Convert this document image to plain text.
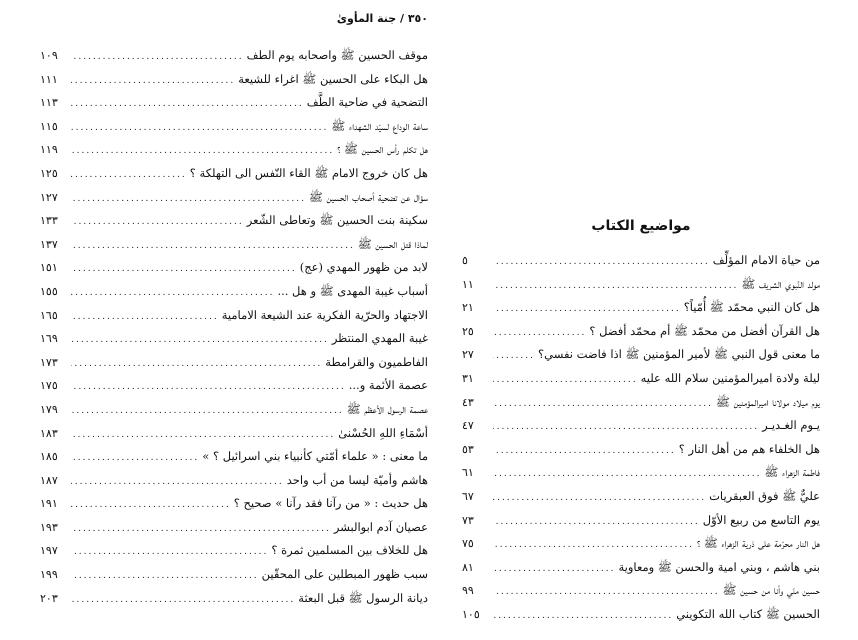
٣٥٠ / جنة المأوىٰ
موقف الحسين ﷺ واصحابه يوم الطف
.....
١٠٩
هل البكاء على الحسين ﷺ اغراء للشيعة
.....
١١١
التضحية في ضاحية الطَّف
.....
١١٣
ساعة الوداع لسيّد الشهداء ﷺ
.....
١١٥
هل تكلم رأس الحسين ﷺ ؟
.....
١١٩
هل كان خروج الامام ﷺ القاء النّفس الى التهلكة ؟
.....
١٢٥
سؤال عن تضحية أصحاب الحسين ﷺ
.....
١٢٧
سكينة بنت الحسين ﷺ وتعاطى الشّعر
.....
١٣٣
لماذا قتل الحسين ﷺ
.....
١٣٧
لابد من ظهور المهدي (عج)
.....
١٥١
أسباب غيبة المهدى ﷺ و هل ...
.....
١٥٥
الاجتهاد والحرّية الفكرية عند الشيعة الامامية
.....
١٦٥
غيبة المهدي المنتظر
.....
١٦٩
الفاطميون والقرامطة
.....
١٧٣
عصمة الأئمة و...
.....
١٧٥
عصمة الرسول الأعظم ﷺ
.....
١٧٩
أسْمَاءِ اللهِ الحُسْنىٰ
.....
١٨٣
ما معنى : « علماء أمّتي كأنبياء بني اسرائيل ؟ »
.....
١٨٥
هاشم وأميّة ليسا من أب واحد
.....
١٨٧
هل حديث : « من رآنا فقد رآنا » صحيح ؟
.....
١٩١
عصيان آدم ابوالبشر
.....
١٩٣
هل للخلاف بين المسلمين ثمرة ؟
.....
١٩٧
سبب ظهور المبطلين على المحقّين
.....
١٩٩
ديانة الرسول ﷺ قبل البعثة
.....
٢٠٣
مواضيع الكتاب
من حياة الامام المؤلِّف
.....
٥
مولد النَّبوي الشريف ﷺ
.....
١١
هل كان النبي محمّد ﷺ أُمّياً؟
.....
٢١
هل القرآن أفضل من محمّد ﷺ أم محمّد أفضل ؟
.....
٢٥
ما معنى قول النبي ﷺ لأمير المؤمنين ﷺ اذا فاضت نفسي؟
.....
٢٧
ليلة ولادة اميرالمؤمنين سلام الله عليه
.....
٣١
يوم ميلاد مولانا اميرالمؤمنين ﷺ
.....
٤٣
يـوم الغـديـر
.....
٤٧
هل الخلفاء هم من أهل النار ؟
.....
٥٣
فاطمة الزهراء ﷺ
.....
٦١
عليٌّ ﷺ فوق العبقريات
.....
٦٧
يوم التاسع من ربيع الأوّل
.....
٧٣
هل النار محرّمة على ذرية الزهراء ﷺ ؟
.....
٧٥
بني هاشم ، وبني امية والحسن ﷺ ومعاوية
.....
٨١
حسين منّي وأنا من حسين ﷺ
.....
٩٩
الحسين ﷺ كتاب الله التكويني
.....
١٠٥
